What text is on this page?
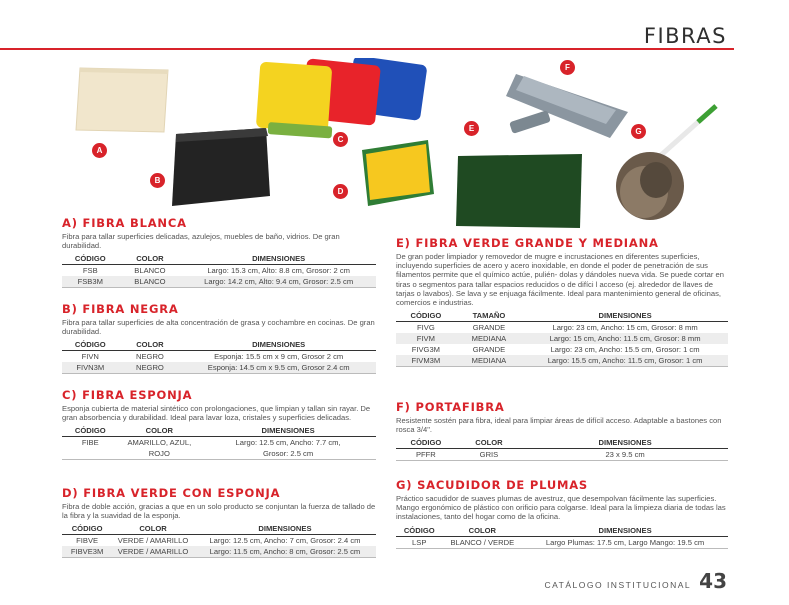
FIBRAS
A
B
C
D
E
F
G
A) FIBRA BLANCA

Fibra para tallar superficies delicadas, azulejos, muebles de baño, vidrios. De gran durabilidad.

CÓDIGO	COLOR	DIMENSIONES
FSB	BLANCO	Largo: 15.3 cm, Alto: 8.8 cm, Grosor: 2 cm
FSB3M	BLANCO	Largo: 14.2 cm, Alto: 9.4 cm, Grosor: 2.5 cm
B) FIBRA NEGRA

Fibra para tallar superficies de alta concentración de grasa y cochambre en cocinas. De gran durabilidad.

CÓDIGO	COLOR	DIMENSIONES
FIVN	NEGRO	Esponja: 15.5 cm x 9 cm, Grosor 2 cm
FIVN3M	NEGRO	Esponja: 14.5 cm x 9.5 cm, Grosor 2.4 cm
C) FIBRA ESPONJA

Esponja cubierta de material sintético con prolongaciones, que limpian y tallan sin rayar. De gran absorbencia y durabilidad. Ideal para lavar loza, cristales y superficies delicadas.

CÓDIGO	COLOR	DIMENSIONES
FIBE	AMARILLO, AZUL,	Largo: 12.5 cm, Ancho: 7.7 cm,
	ROJO	Grosor: 2.5 cm
D) FIBRA VERDE CON ESPONJA

Fibra de doble acción, gracias a que en un solo producto se conjuntan la fuerza de tallado de la fibra y la suavidad de la esponja.

CÓDIGO	COLOR	DIMENSIONES
FIBVE	VERDE / AMARILLO	Largo: 12.5 cm, Ancho: 7 cm, Grosor: 2.4 cm
FIBVE3M	VERDE / AMARILLO	Largo: 11.5 cm, Ancho: 8 cm, Grosor: 2.5 cm
E) FIBRA VERDE GRANDE Y MEDIANA

De gran poder limpiador y removedor de mugre e incrustaciones en diferentes superficies, incluyendo superficies de acero y acero inoxidable, en donde el poder de penetración de sus filamentos permite que el químico actúe, pulién- dolas y dándoles nueva vida. Se puede cortar en tiras o segmentos para tallar espacios reducidos o de difíci l acceso (ej. alrededor de llaves de tarjas o lavabos). Se lava y se enjuaga fácilmente. Ideal para mantenimiento general de oficinas, comercios e industrias.

CÓDIGO	TAMAÑO	DIMENSIONES
FIVG	GRANDE	Largo: 23 cm, Ancho: 15 cm, Grosor: 8 mm
FIVM	MEDIANA	Largo: 15 cm, Ancho: 11.5 cm, Grosor: 8 mm
FIVG3M	GRANDE	Largo: 23 cm, Ancho: 15.5 cm, Grosor: 1 cm
FIVM3M	MEDIANA	Largo: 15.5 cm, Ancho: 11.5 cm, Grosor: 1 cm
F) PORTAFIBRA

Resistente sostén para fibra, ideal para limpiar áreas de difícil acceso. Adaptable a bastones con rosca 3/4".

CÓDIGO	COLOR	DIMENSIONES
PFFR	GRIS	23 x 9.5 cm
G) SACUDIDOR DE PLUMAS

Práctico sacudidor de suaves plumas de avestruz, que desempolvan fácilmente las superficies. Mango ergonómico de plástico con orificio para colgarse. Ideal para la limpieza diaria de todas las instalaciones, tanto del hogar como de la oficina.

CÓDIGO	COLOR	DIMENSIONES
LSP	BLANCO / VERDE	Largo Plumas: 17.5 cm, Largo Mango: 19.5 cm
CATÁLOGO INSTITUCIONAL 43
